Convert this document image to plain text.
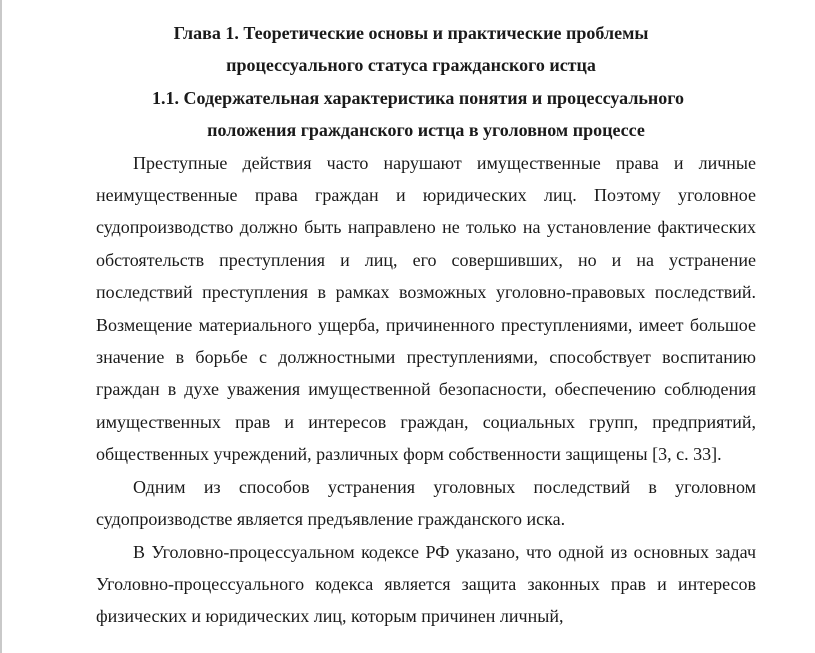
Глава 1. Теоретические основы и практические проблемы
процессуального статуса гражданского истца
1.1. Содержательная характеристика понятия и процессуального
положения гражданского истца в уголовном процессе

Преступные действия часто нарушают имущественные права и личные неимущественные права граждан и юридических лиц. Поэтому уголовное судопроизводство должно быть направлено не только на установление фактических обстоятельств преступления и лиц, его совершивших, но и на устранение последствий преступления в рамках возможных уголовно-правовых последствий. Возмещение материального ущерба, причиненного преступлениями, имеет большое значение в борьбе с должностными преступлениями, способствует воспитанию граждан в духе уважения имущественной безопасности, обеспечению соблюдения имущественных прав и интересов граждан, социальных групп, предприятий, общественных учреждений, различных форм собственности защищены [3, с. 33].

Одним из способов устранения уголовных последствий в уголовном судопроизводстве является предъявление гражданского иска.

В Уголовно-процессуальном кодексе РФ указано, что одной из основных задач Уголовно-процессуального кодекса является защита законных прав и интересов физических и юридических лиц, которым причинен личный,
